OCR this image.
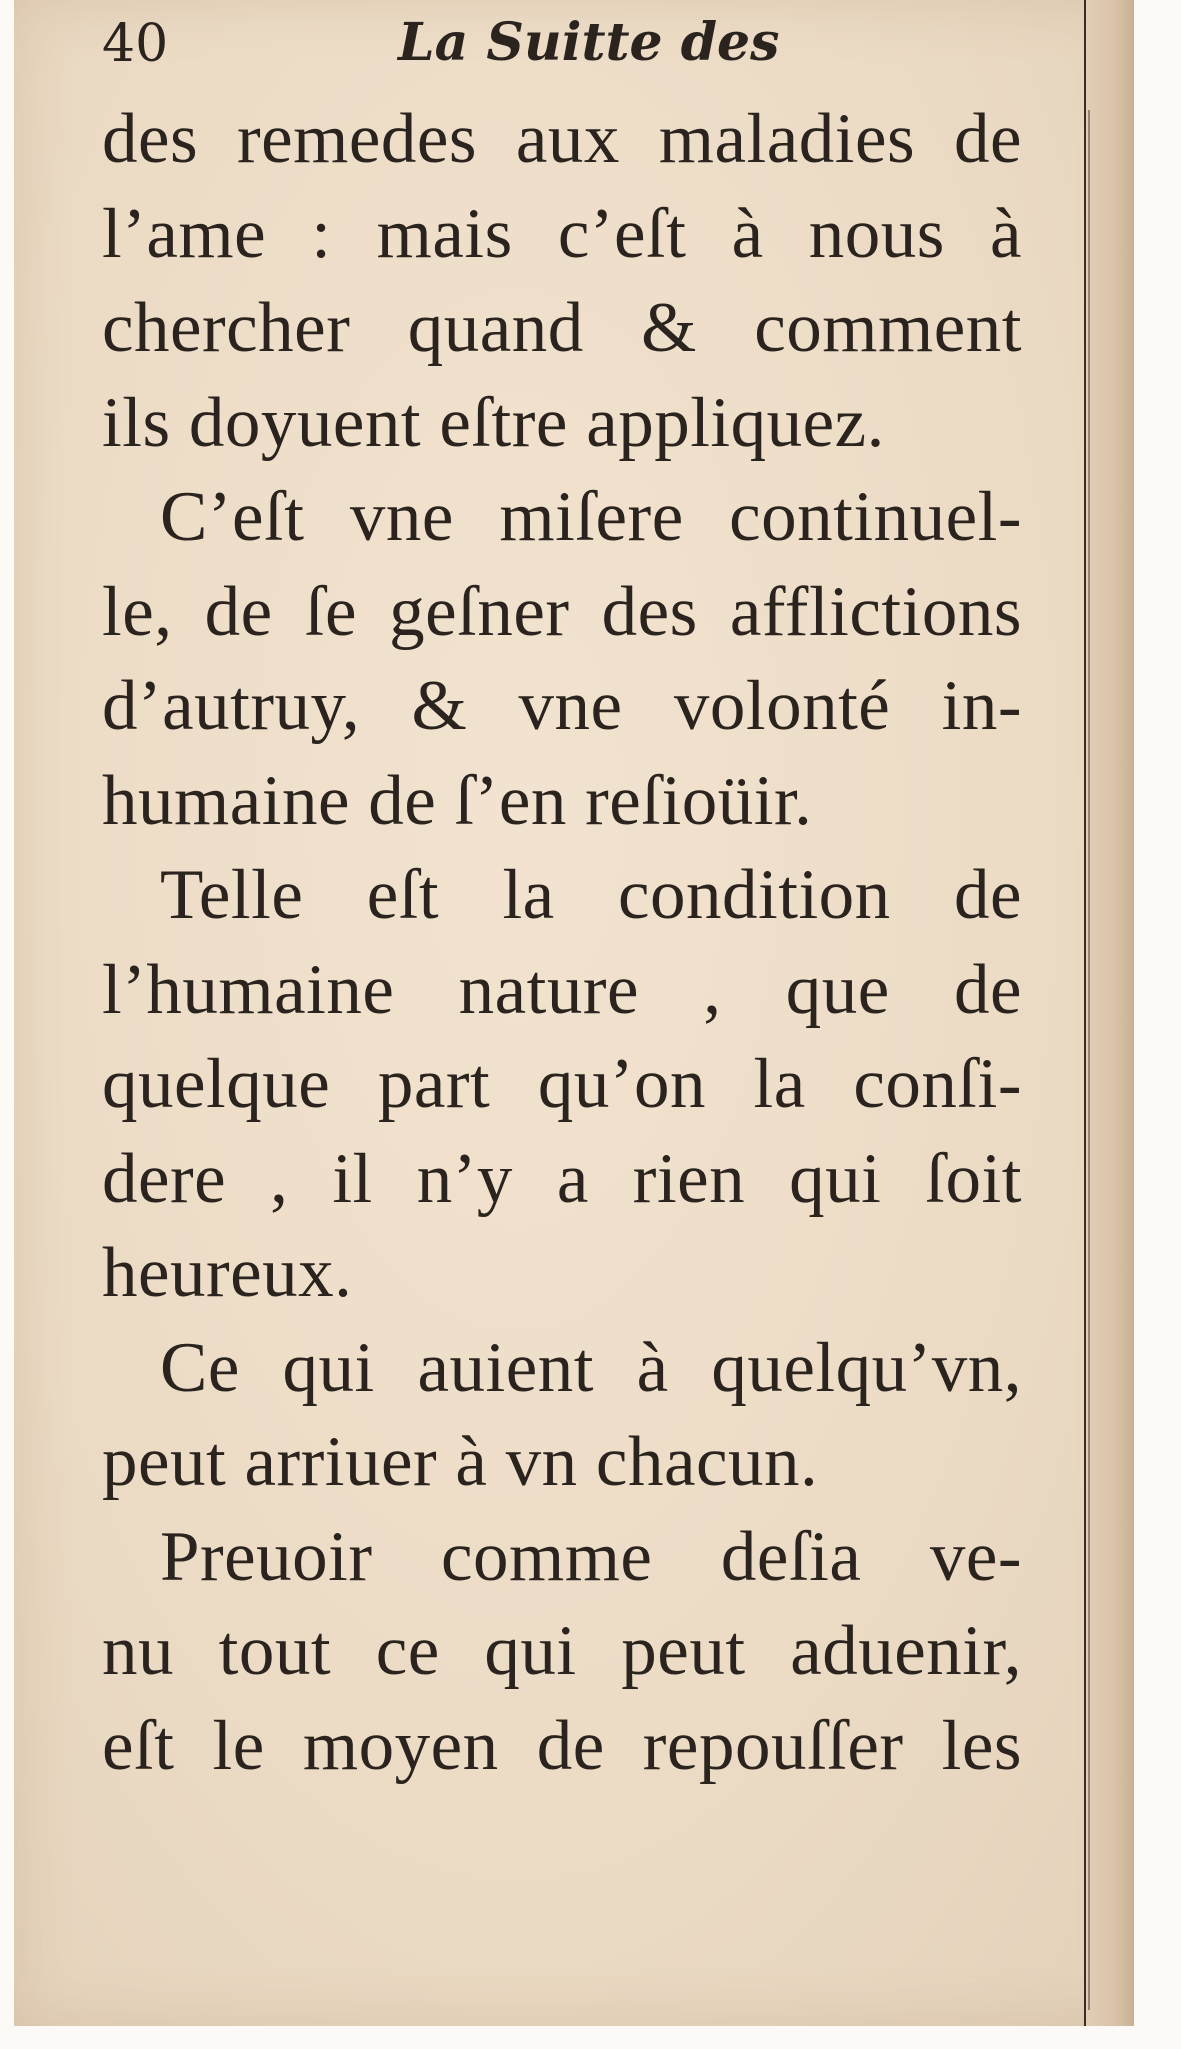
40	La Suitte des
des remedes aux maladies de
l’ame : mais c’eſt à nous à
chercher quand & comment
ils doyuent eſtre appliquez.
C’eſt vne miſere continuel-
le, de ſe geſner des afflictions
d’autruy, & vne volonté in-
humaine de ſ’en reſioüir.
Telle eſt la condition de
l’humaine nature , que de
quelque part qu’on la conſi-
dere , il n’y a rien qui ſoit
heureux.
Ce qui auient à quelqu’vn,
peut arriuer à vn chacun.
Preuoir comme deſia ve-
nu tout ce qui peut aduenir,
eſt le moyen de repouſſer les
